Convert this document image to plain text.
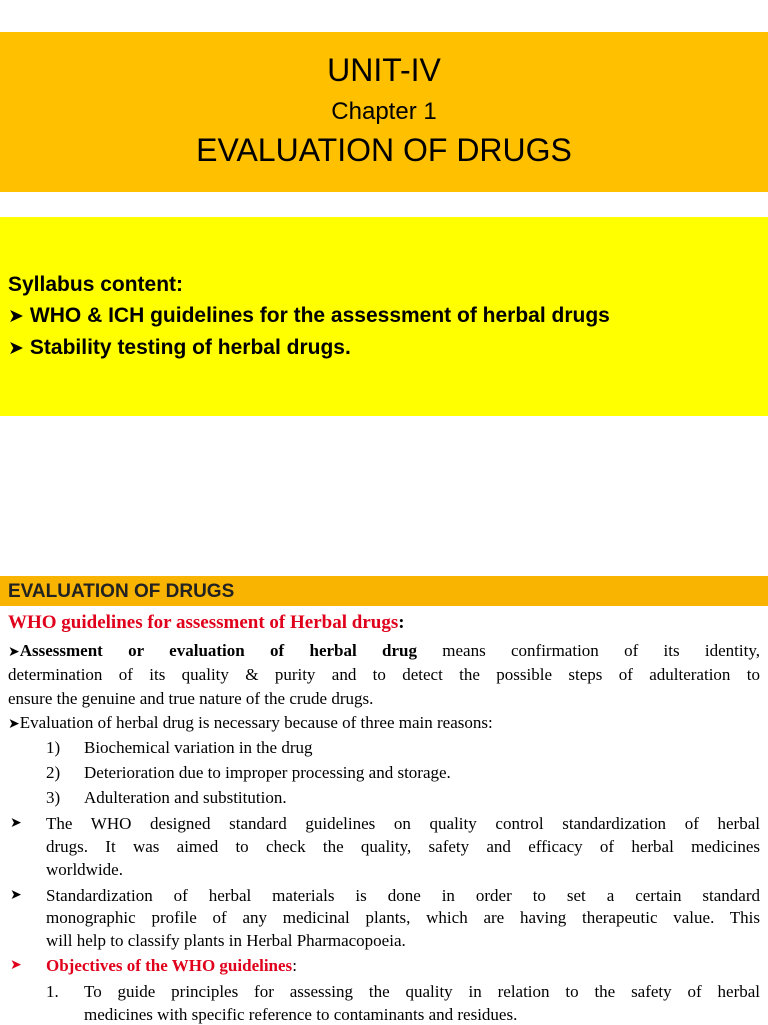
UNIT-IV
Chapter 1
EVALUATION OF DRUGS
Syllabus content:
➤ WHO & ICH guidelines for the assessment of herbal drugs
➤ Stability testing of herbal drugs.
EVALUATION OF DRUGS
WHO guidelines for assessment of Herbal drugs:
➤Assessment or evaluation of herbal drug means confirmation of its identity,
determination of its quality & purity and to detect the possible steps of adulteration to
ensure the genuine and true nature of the crude drugs.
➤Evaluation of herbal drug is necessary because of three main reasons:
1) Biochemical variation in the drug
2) Deterioration due to improper processing and storage.
3) Adulteration and substitution.
➤ The WHO designed standard guidelines on quality control standardization of herbal
drugs. It was aimed to check the quality, safety and efficacy of herbal medicines
worldwide.
➤ Standardization of herbal materials is done in order to set a certain standard
monographic profile of any medicinal plants, which are having therapeutic value. This
will help to classify plants in Herbal Pharmacopoeia.
➤ Objectives of the WHO guidelines:
1. To guide principles for assessing the quality in relation to the safety of herbal
medicines with specific reference to contaminants and residues.
